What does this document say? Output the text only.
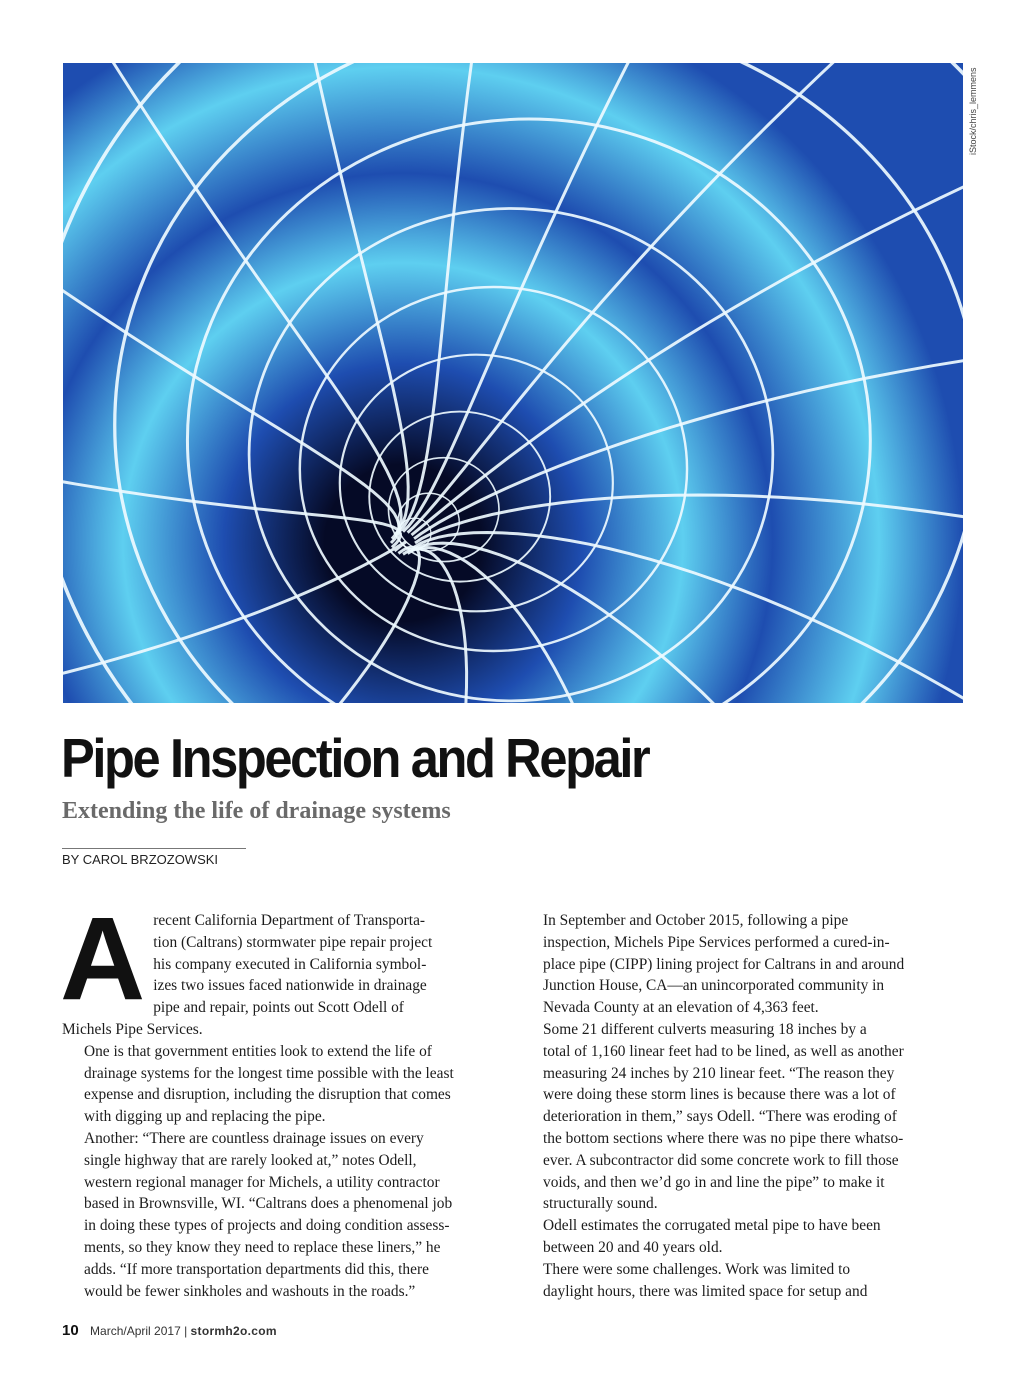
iStock/chris_lemmens
Pipe Inspection and Repair
Extending the life of drainage systems
BY CAROL BRZOZOWSKI

A recent California Department of Transporta-
tion (Caltrans) stormwater pipe repair project
his company executed in California symbol-
izes two issues faced nationwide in drainage
pipe and repair, points out Scott Odell of
Michels Pipe Services.

One is that government entities look to extend the life of
drainage systems for the longest time possible with the least
expense and disruption, including the disruption that comes
with digging up and replacing the pipe.

Another: “There are countless drainage issues on every
single highway that are rarely looked at,” notes Odell,
western regional manager for Michels, a utility contractor
based in Brownsville, WI. “Caltrans does a phenomenal job
in doing these types of projects and doing condition assess-
ments, so they know they need to replace these liners,” he
adds. “If more transportation departments did this, there
would be fewer sinkholes and washouts in the roads.”

In September and October 2015, following a pipe
inspection, Michels Pipe Services performed a cured-in-
place pipe (CIPP) lining project for Caltrans in and around
Junction House, CA—an unincorporated community in
Nevada County at an elevation of 4,363 feet.

Some 21 different culverts measuring 18 inches by a
total of 1,160 linear feet had to be lined, as well as another
measuring 24 inches by 210 linear feet. “The reason they
were doing these storm lines is because there was a lot of
deterioration in them,” says Odell. “There was eroding of
the bottom sections where there was no pipe there whatso-
ever. A subcontractor did some concrete work to fill those
voids, and then we’d go in and line the pipe” to make it
structurally sound.

Odell estimates the corrugated metal pipe to have been
between 20 and 40 years old.

There were some challenges. Work was limited to
daylight hours, there was limited space for setup and

10 March/April 2017 | stormh2o.com
